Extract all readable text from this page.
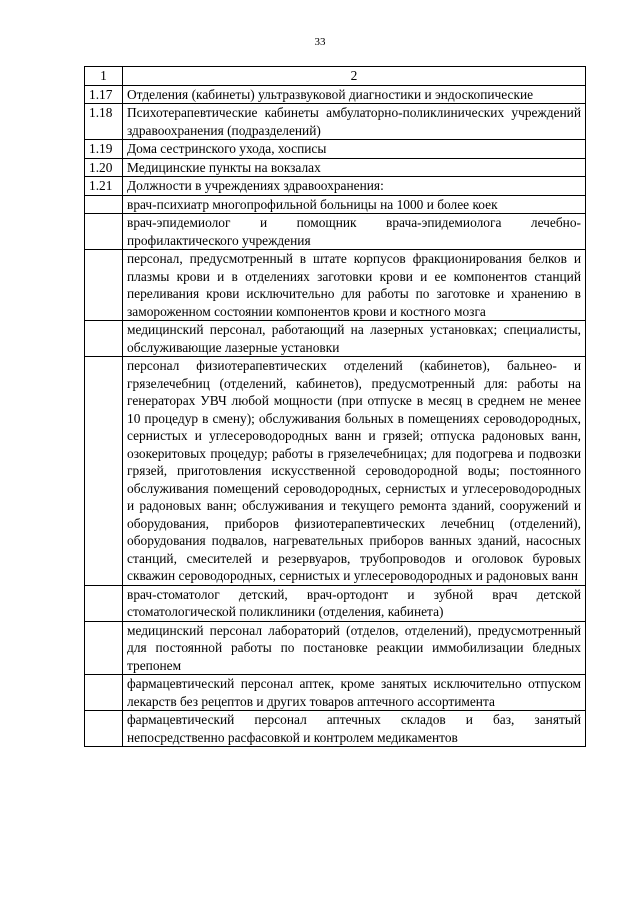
33
1	2
1.17	Отделения (кабинеты) ультразвуковой диагностики и эндоскопические
1.18	Психотерапевтические кабинеты амбулаторно-поликлинических учреждений здравоохранения (подразделений)
1.19	Дома сестринского ухода, хосписы
1.20	Медицинские пункты на вокзалах
1.21	Должности в учреждениях здравоохранения:
	врач-психиатр многопрофильной больницы на 1000 и более коек
	врач-эпидемиолог и помощник врача-эпидемиолога лечебно-профилактического учреждения
	персонал, предусмотренный в штате корпусов фракционирования белков и плазмы крови и в отделениях заготовки крови и ее компонентов станций переливания крови исключительно для работы по заготовке и хранению в замороженном состоянии компонентов крови и костного мозга
	медицинский персонал, работающий на лазерных установках; специалисты, обслуживающие лазерные установки
	персонал физиотерапевтических отделений (кабинетов), бальнео- и грязелечебниц (отделений, кабинетов), предусмотренный для: работы на генераторах УВЧ любой мощности (при отпуске в месяц в среднем не менее 10 процедур в смену); обслуживания больных в помещениях сероводородных, сернистых и углесероводородных ванн и грязей; отпуска радоновых ванн, озокеритовых процедур; работы в грязелечебницах; для подогрева и подвозки грязей, приготовления искусственной сероводородной воды; постоянного обслуживания помещений сероводородных, сернистых и углесероводородных и радоновых ванн; обслуживания и текущего ремонта зданий, сооружений и оборудования, приборов физиотерапевтических лечебниц (отделений), оборудования подвалов, нагревательных приборов ванных зданий, насосных станций, смесителей и резервуаров, трубопроводов и оголовок буровых скважин сероводородных, сернистых и углесероводородных и радоновых ванн
	врач-стоматолог детский, врач-ортодонт и зубной врач детской стоматологической поликлиники (отделения, кабинета)
	медицинский персонал лабораторий (отделов, отделений), предусмотренный для постоянной работы по постановке реакции иммобилизации бледных трепонем
	фармацевтический персонал аптек, кроме занятых исключительно отпуском лекарств без рецептов и других товаров аптечного ассортимента
	фармацевтический персонал аптечных складов и баз, занятый непосредственно расфасовкой и контролем медикаментов
